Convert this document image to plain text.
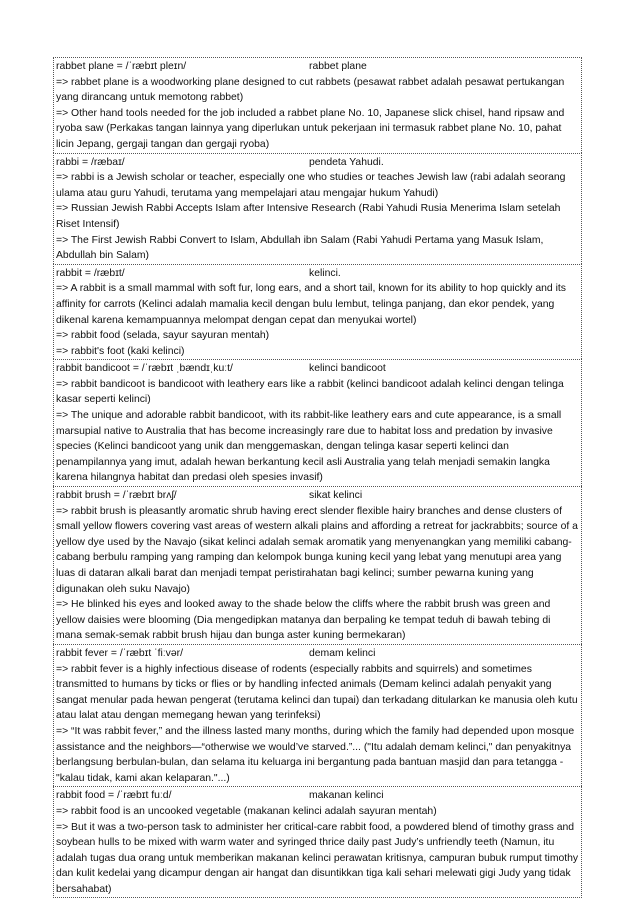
rabbet plane = /ˈræbɪt pleɪn/	rabbet plane

=> rabbet plane is a woodworking plane designed to cut rabbets (pesawat rabbet adalah pesawat pertukangan yang dirancang untuk memotong rabbet)

=> Other hand tools needed for the job included a rabbet plane No. 10, Japanese slick chisel, hand ripsaw and ryoba saw (Perkakas tangan lainnya yang diperlukan untuk pekerjaan ini termasuk rabbet plane No. 10, pahat licin Jepang, gergaji tangan dan gergaji ryoba)

rabbi = /ræbaɪ/	pendeta Yahudi.

=> rabbi is a Jewish scholar or teacher, especially one who studies or teaches Jewish law (rabi adalah seorang ulama atau guru Yahudi, terutama yang mempelajari atau mengajar hukum Yahudi)

=> Russian Jewish Rabbi Accepts Islam after Intensive Research (Rabi Yahudi Rusia Menerima Islam setelah Riset Intensif)

=> The First Jewish Rabbi Convert to Islam, Abdullah ibn Salam (Rabi Yahudi Pertama yang Masuk Islam, Abdullah bin Salam)

rabbit = /ræbɪt/	kelinci.

=> A rabbit is a small mammal with soft fur, long ears, and a short tail, known for its ability to hop quickly and its affinity for carrots (Kelinci adalah mamalia kecil dengan bulu lembut, telinga panjang, dan ekor pendek, yang dikenal karena kemampuannya melompat dengan cepat dan menyukai wortel)

=> rabbit food (selada, sayur sayuran mentah)

=> rabbit's foot (kaki kelinci)

rabbit bandicoot = /ˈræbɪt ˌbændɪˌkuːt/	kelinci bandicoot

=> rabbit bandicoot is bandicoot with leathery ears like a rabbit (kelinci bandicoot adalah kelinci dengan telinga kasar seperti kelinci)

=> The unique and adorable rabbit bandicoot, with its rabbit-like leathery ears and cute appearance, is a small marsupial native to Australia that has become increasingly rare due to habitat loss and predation by invasive species (Kelinci bandicoot yang unik dan menggemaskan, dengan telinga kasar seperti kelinci dan penampilannya yang imut, adalah hewan berkantung kecil asli Australia yang telah menjadi semakin langka karena hilangnya habitat dan predasi oleh spesies invasif)

rabbit brush = /ˈræbɪt brʌʃ/	sikat kelinci

=> rabbit brush is pleasantly aromatic shrub having erect slender flexible hairy branches and dense clusters of small yellow flowers covering vast areas of western alkali plains and affording a retreat for jackrabbits; source of a yellow dye used by the Navajo (sikat kelinci adalah semak aromatik yang menyenangkan yang memiliki cabang-cabang berbulu ramping yang ramping dan kelompok bunga kuning kecil yang lebat yang menutupi area yang luas di dataran alkali barat dan menjadi tempat peristirahatan bagi kelinci; sumber pewarna kuning yang digunakan oleh suku Navajo)

=> He blinked his eyes and looked away to the shade below the cliffs where the rabbit brush was green and yellow daisies were blooming (Dia mengedipkan matanya dan berpaling ke tempat teduh di bawah tebing di mana semak-semak rabbit brush hijau dan bunga aster kuning bermekaran)

rabbit fever = /ˈræbɪt ˈfiːvər/	demam kelinci

=> rabbit fever is a highly infectious disease of rodents (especially rabbits and squirrels) and sometimes transmitted to humans by ticks or flies or by handling infected animals (Demam kelinci adalah penyakit yang sangat menular pada hewan pengerat (terutama kelinci dan tupai) dan terkadang ditularkan ke manusia oleh kutu atau lalat atau dengan memegang hewan yang terinfeksi)

=> “It was rabbit fever,” and the illness lasted many months, during which the family had depended upon mosque assistance and the neighbors—“otherwise we would’ve starved.”... ("Itu adalah demam kelinci," dan penyakitnya berlangsung berbulan-bulan, dan selama itu keluarga ini bergantung pada bantuan masjid dan para tetangga - "kalau tidak, kami akan kelaparan."...)

rabbit food = /ˈræbɪt fuːd/	makanan kelinci

=> rabbit food is an uncooked vegetable (makanan kelinci adalah sayuran mentah)

=> But it was a two-person task to administer her critical-care rabbit food, a powdered blend of timothy grass and soybean hulls to be mixed with warm water and syringed thrice daily past Judy’s unfriendly teeth (Namun, itu adalah tugas dua orang untuk memberikan makanan kelinci perawatan kritisnya, campuran bubuk rumput timothy dan kulit kedelai yang dicampur dengan air hangat dan disuntikkan tiga kali sehari melewati gigi Judy yang tidak bersahabat)
